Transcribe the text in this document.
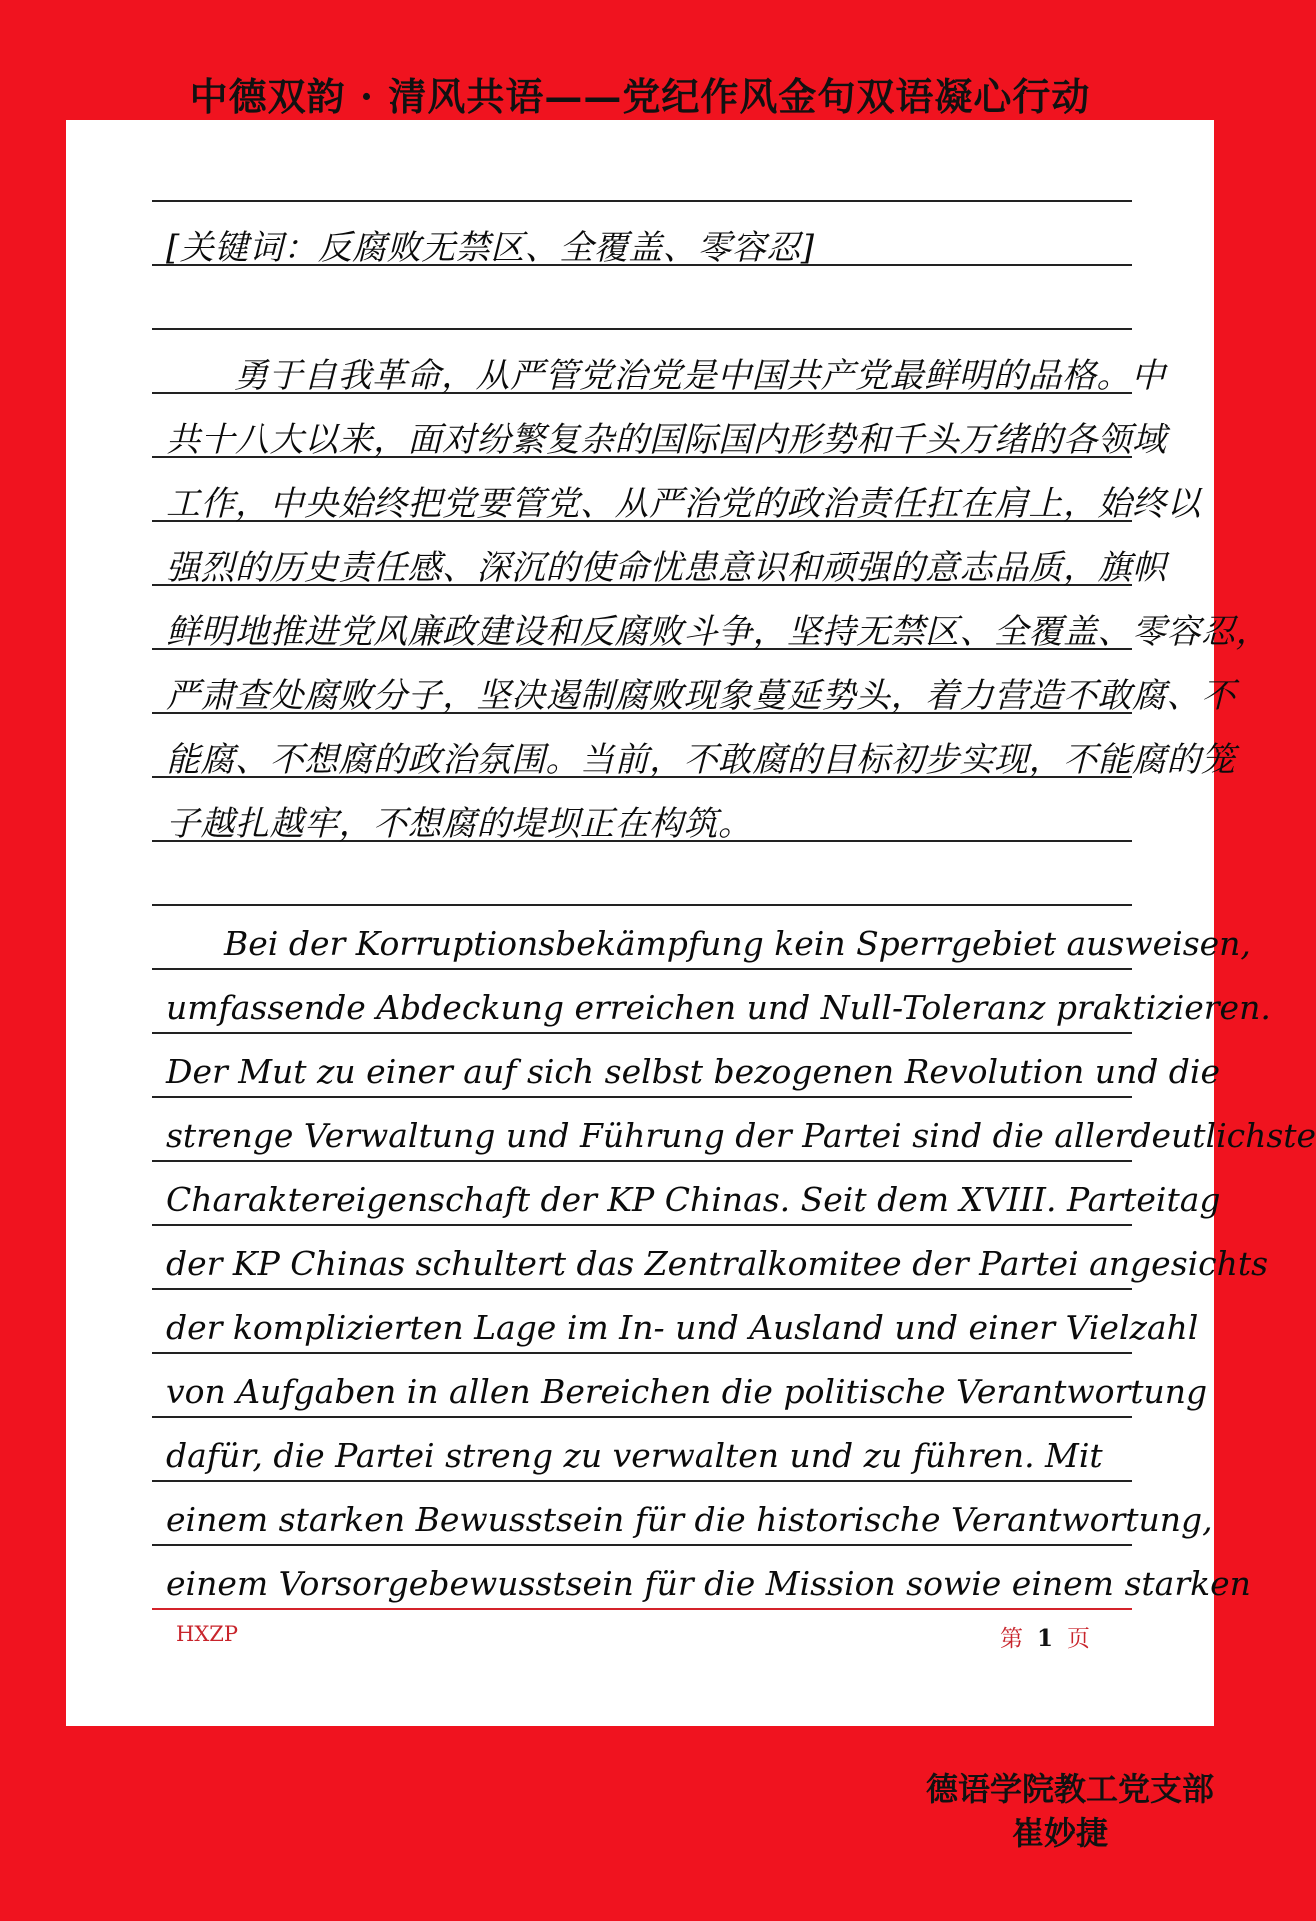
中德双韵 · 清风共语——党纪作风金句双语凝心行动
[关键词：反腐败无禁区、全覆盖、零容忍]
勇于自我革命，从严管党治党是中国共产党最鲜明的品格。中
共十八大以来，面对纷繁复杂的国际国内形势和千头万绪的各领域
工作，中央始终把党要管党、从严治党的政治责任扛在肩上，始终以
强烈的历史责任感、深沉的使命忧患意识和顽强的意志品质，旗帜
鲜明地推进党风廉政建设和反腐败斗争，坚持无禁区、全覆盖、零容忍，
严肃查处腐败分子，坚决遏制腐败现象蔓延势头，着力营造不敢腐、不
能腐、不想腐的政治氛围。当前，不敢腐的目标初步实现，不能腐的笼
子越扎越牢，不想腐的堤坝正在构筑。
Bei der Korruptionsbekämpfung kein Sperrgebiet ausweisen,
umfassende Abdeckung erreichen und Null-Toleranz praktizieren.
Der Mut zu einer auf sich selbst bezogenen Revolution und die
strenge Verwaltung und Führung der Partei sind die allerdeutlichste
Charaktereigenschaft der KP Chinas. Seit dem XVIII. Parteitag
der KP Chinas schultert das Zentralkomitee der Partei angesichts
der komplizierten Lage im In- und Ausland und einer Vielzahl
von Aufgaben in allen Bereichen die politische Verantwortung
dafür, die Partei streng zu verwalten und zu führen. Mit
einem starken Bewusstsein für die historische Verantwortung,
einem Vorsorgebewusstsein für die Mission sowie einem starken
HXZP	第 1 页
德语学院教工党支部
崔妙捷
